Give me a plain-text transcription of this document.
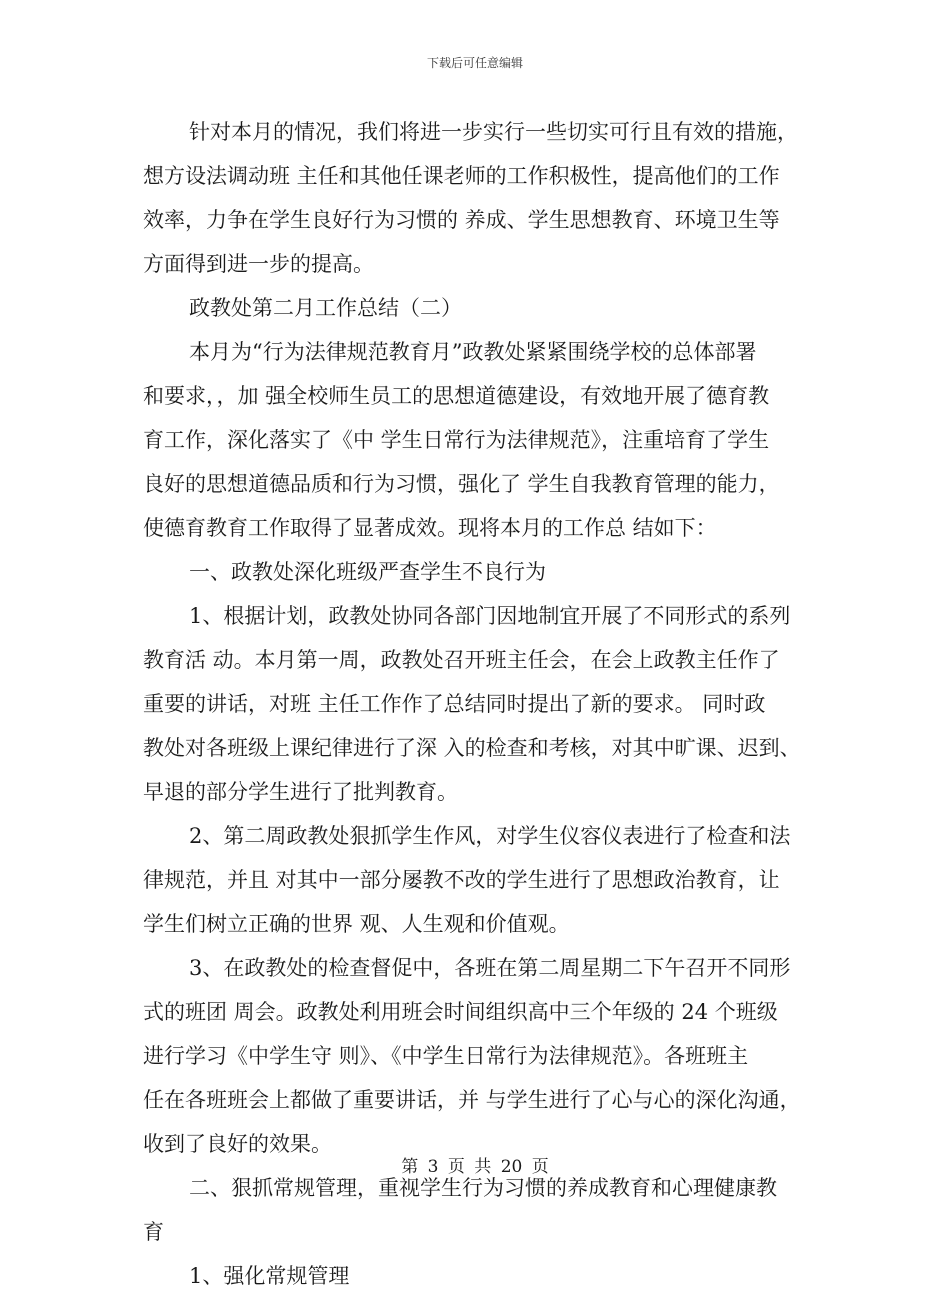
下载后可任意编辑
针对本月的情况，我们将进一步实行一些切实可行且有效的措施，
想方设法调动班 主任和其他任课老师的工作积极性，提高他们的工作
效率，力争在学生良好行为习惯的 养成、学生思想教育、环境卫生等
方面得到进一步的提高。
政教处第二月工作总结（二）
本月为“行为法律规范教育月”政教处紧紧围绕学校的总体部署
和要求，，加 强全校师生员工的思想道德建设，有效地开展了德育教
育工作，深化落实了《中 学生日常行为法律规范》，注重培育了学生
良好的思想道德品质和行为习惯，强化了 学生自我教育管理的能力，
使德育教育工作取得了显著成效。现将本月的工作总 结如下：
一、政教处深化班级严查学生不良行为
1、根据计划，政教处协同各部门因地制宜开展了不同形式的系列
教育活 动。本月第一周，政教处召开班主任会，在会上政教主任作了
重要的讲话，对班 主任工作作了总结同时提出了新的要求。 同时政
教处对各班级上课纪律进行了深 入的检查和考核，对其中旷课、迟到、
早退的部分学生进行了批判教育。
2、第二周政教处狠抓学生作风，对学生仪容仪表进行了检查和法
律规范，并且 对其中一部分屡教不改的学生进行了思想政治教育，让
学生们树立正确的世界 观、人生观和价值观。
3、在政教处的检查督促中，各班在第二周星期二下午召开不同形
式的班团 周会。政教处利用班会时间组织高中三个年级的 24 个班级
进行学习《中学生守 则》、《中学生日常行为法律规范》。各班班主
任在各班班会上都做了重要讲话，并 与学生进行了心与心的深化沟通，
收到了良好的效果。
二、狠抓常规管理，重视学生行为习惯的养成教育和心理健康教
育
1、强化常规管理
第 3 页 共 20 页
